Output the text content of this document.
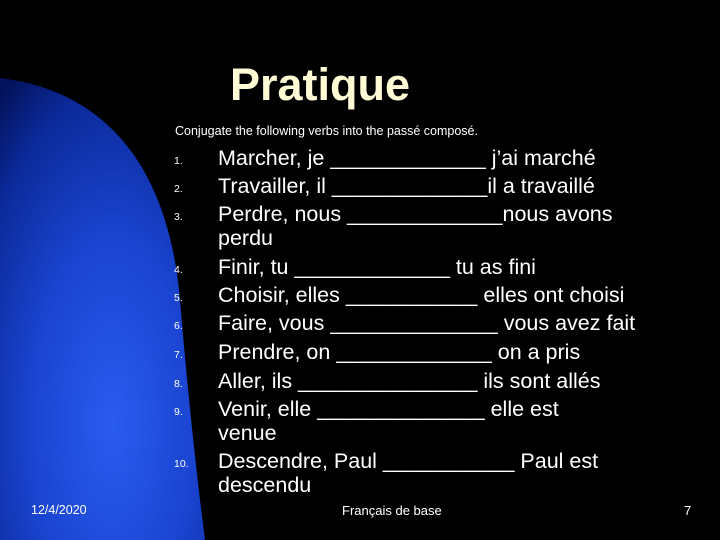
Pratique
Conjugate the following verbs into the passé composé.
1. Marcher, je _____________ j’ai marché
2. Travailler, il _____________il a travaillé
3. Perdre, nous _____________nous avons
perdu
4. Finir, tu _____________ tu as fini
5. Choisir, elles ___________ elles ont choisi
6. Faire, vous ______________ vous avez fait
7. Prendre, on _____________ on a pris
8. Aller, ils _______________ ils sont allés
9. Venir, elle ______________ elle est
venue
10. Descendre, Paul ___________ Paul est
descendu
12/4/2020	Français de base	7
